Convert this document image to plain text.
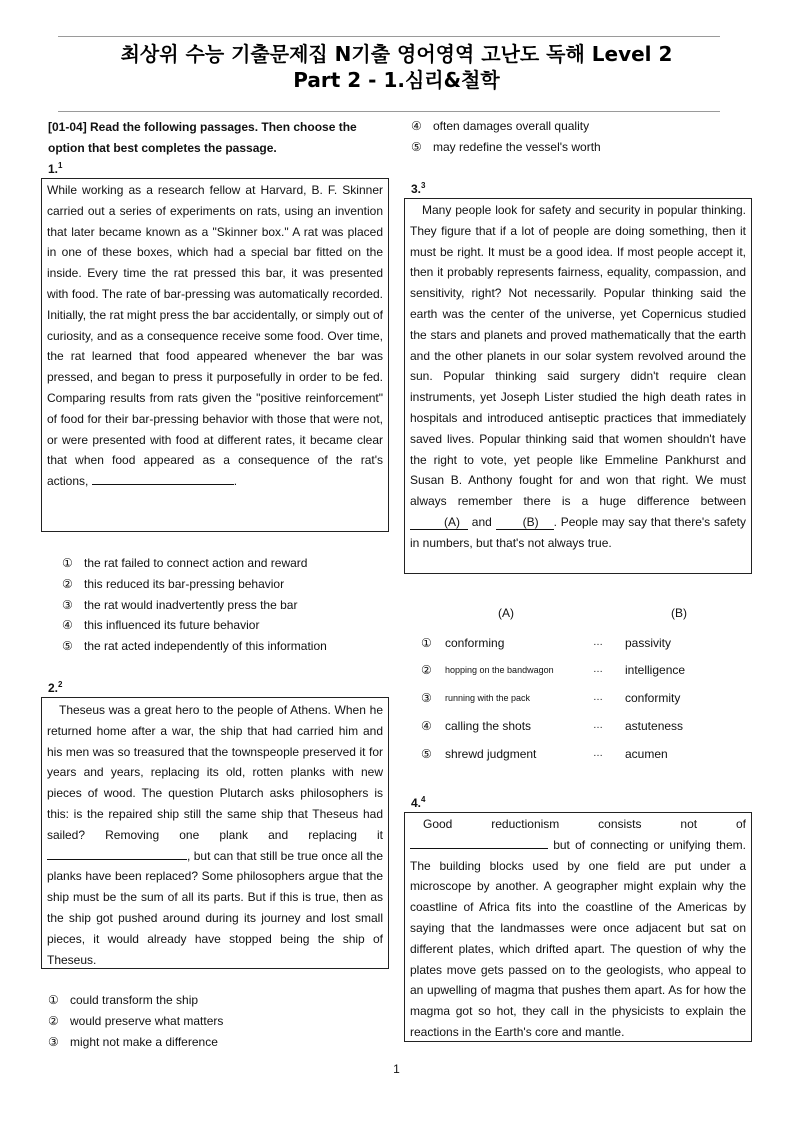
최상위 수능 기출문제집 N기출 영어영역 고난도 독해 Level 2
Part 2 - 1.심리&철학
[01-04] Read the following passages. Then choose the
option that best completes the passage.
1.$^1$

While working as a research fellow at Harvard, B. F. Skinner carried out a series of experiments on rats, using an invention that later became known as a "Skinner box." A rat was placed in one of these boxes, which had a special bar fitted on the inside. Every time the rat pressed this bar, it was presented with food. The rate of bar-pressing was automatically recorded. Initially, the rat might press the bar accidentally, or simply out of curiosity, and as a consequence receive some food. Over time, the rat learned that food appeared whenever the bar was pressed, and began to press it purposefully in order to be fed. Comparing results from rats given the "positive reinforcement" of food for their bar-pressing behavior with those that were not, or were presented with food at different rates, it became clear that when food appeared as a consequence of the rat's actions,	.

① the rat failed to connect action and reward
② this reduced its bar-pressing behavior
③ the rat would inadvertently press the bar
④ this influenced its future behavior
⑤ the rat acted independently of this information
2.$^2$

Theseus was a great hero to the people of Athens. When he returned home after a war, the ship that had carried him and his men was so treasured that the townspeople preserved it for years and years, replacing its old, rotten planks with new pieces of wood. The question Plutarch asks philosophers is this: is the repaired ship still the same ship that Theseus had sailed? Removing one plank and replacing it , but can that still be true once all the planks have been replaced? Some philosophers argue that the ship must be the sum of all its parts. But if this is true, then as the ship got pushed around during its journey and lost small pieces, it would already have stopped being the ship of Theseus.

① could transform the ship
② would preserve what matters
③ might not make a difference
④ often damages overall quality
⑤ may redefine the vessel's worth
3.$^3$

Many people look for safety and security in popular thinking. They figure that if a lot of people are doing something, then it must be right. It must be a good idea. If most people accept it, then it probably represents fairness, equality, compassion, and sensitivity, right? Not necessarily. Popular thinking said the earth was the center of the universe, yet Copernicus studied the stars and planets and proved mathematically that the earth and the other planets in our solar system revolved around the sun. Popular thinking said surgery didn't require clean instruments, yet Joseph Lister studied the high death rates in hospitals and introduced antiseptic practices that immediately saved lives. Popular thinking said that women shouldn't have the right to vote, yet people like Emmeline Pankhurst and Susan B. Anthony fought for and won that right. We must always remember there is a huge difference between (A) and	(B) . People may say that there's safety in numbers, but that's not always true.

(A)	(B)
① conforming	… passivity
② hopping on the bandwagon	… intelligence
③ running with the pack	… conformity
④ calling the shots	… astuteness
⑤ shrewd judgment	… acumen
4.$^4$

Good reductionism consists not of
but of connecting or unifying them. The building blocks used by one field are put under a microscope by another. A geographer might explain why the coastline of Africa fits into the coastline of the Americas by saying that the landmasses were once adjacent but sat on different plates, which drifted apart. The question of why the plates move gets passed on to the geologists, who appeal to an upwelling of magma that pushes them apart. As for how the magma got so hot, they call in the physicists to explain the reactions in the Earth's core and mantle.

1
